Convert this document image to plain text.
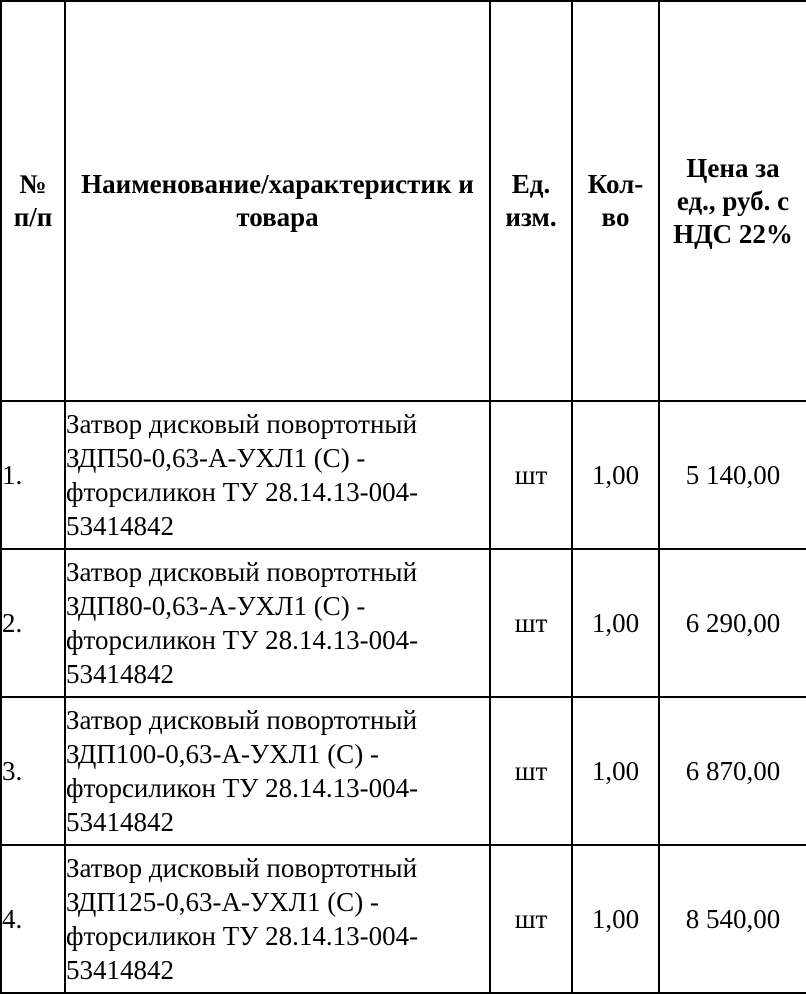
№ п/п	Наименование/характеристик и товара	Ед. изм.	Кол-во	Цена за ед., руб. с НДС 22%
1.	Затвор дисковый повортотный ЗДП50-0,63-А-УХЛ1 (С) - фторсиликон ТУ 28.14.13-004-53414842	шт	1,00	5 140,00
2.	Затвор дисковый повортотный ЗДП80-0,63-А-УХЛ1 (С) - фторсиликон ТУ 28.14.13-004-53414842	шт	1,00	6 290,00
3.	Затвор дисковый повортотный ЗДП100-0,63-А-УХЛ1 (С) - фторсиликон ТУ 28.14.13-004-53414842	шт	1,00	6 870,00
4.	Затвор дисковый повортотный ЗДП125-0,63-А-УХЛ1 (С) - фторсиликон ТУ 28.14.13-004-53414842	шт	1,00	8 540,00
